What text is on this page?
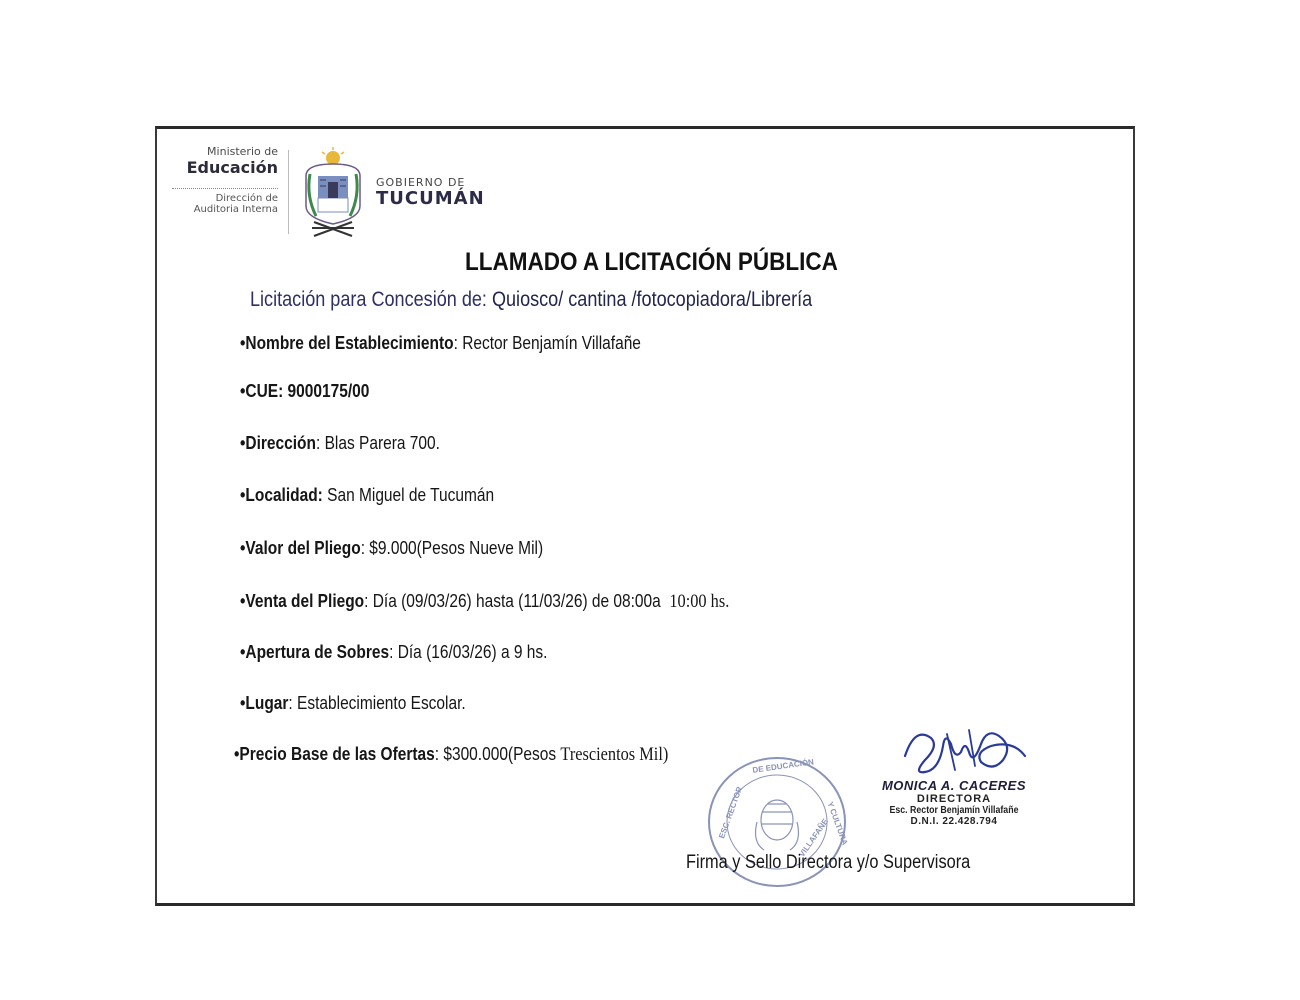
Ministerio de
Educación
Dirección de
Auditoria Interna
GOBIERNO DE
TUCUMÁN
LLAMADO A LICITACIÓN PÚBLICA
Licitación para Concesión de: Quiosco/ cantina /fotocopiadora/Librería
•Nombre del Establecimiento: Rector Benjamín Villafañe
•CUE: 9000175/00
•Dirección: Blas Parera 700.
•Localidad: San Miguel de Tucumán
•Valor del Pliego: $9.000(Pesos Nueve Mil)
•Venta del Pliego: Día (09/03/26) hasta (11/03/26) de 08:00a 10:00 hs.
•Apertura de Sobres: Día (16/03/26) a 9 hs.
•Lugar: Establecimiento Escolar.
•Precio Base de las Ofertas: $300.000(Pesos Trescientos Mil)
DE EDUCACIÓN
Y CULTURA
ESC. RECTOR	VILLAFAÑE
MONICA A. CACERES
DIRECTORA
Esc. Rector Benjamín Villafañe
D.N.I. 22.428.794
Firma y Sello Directora y/o Supervisora
